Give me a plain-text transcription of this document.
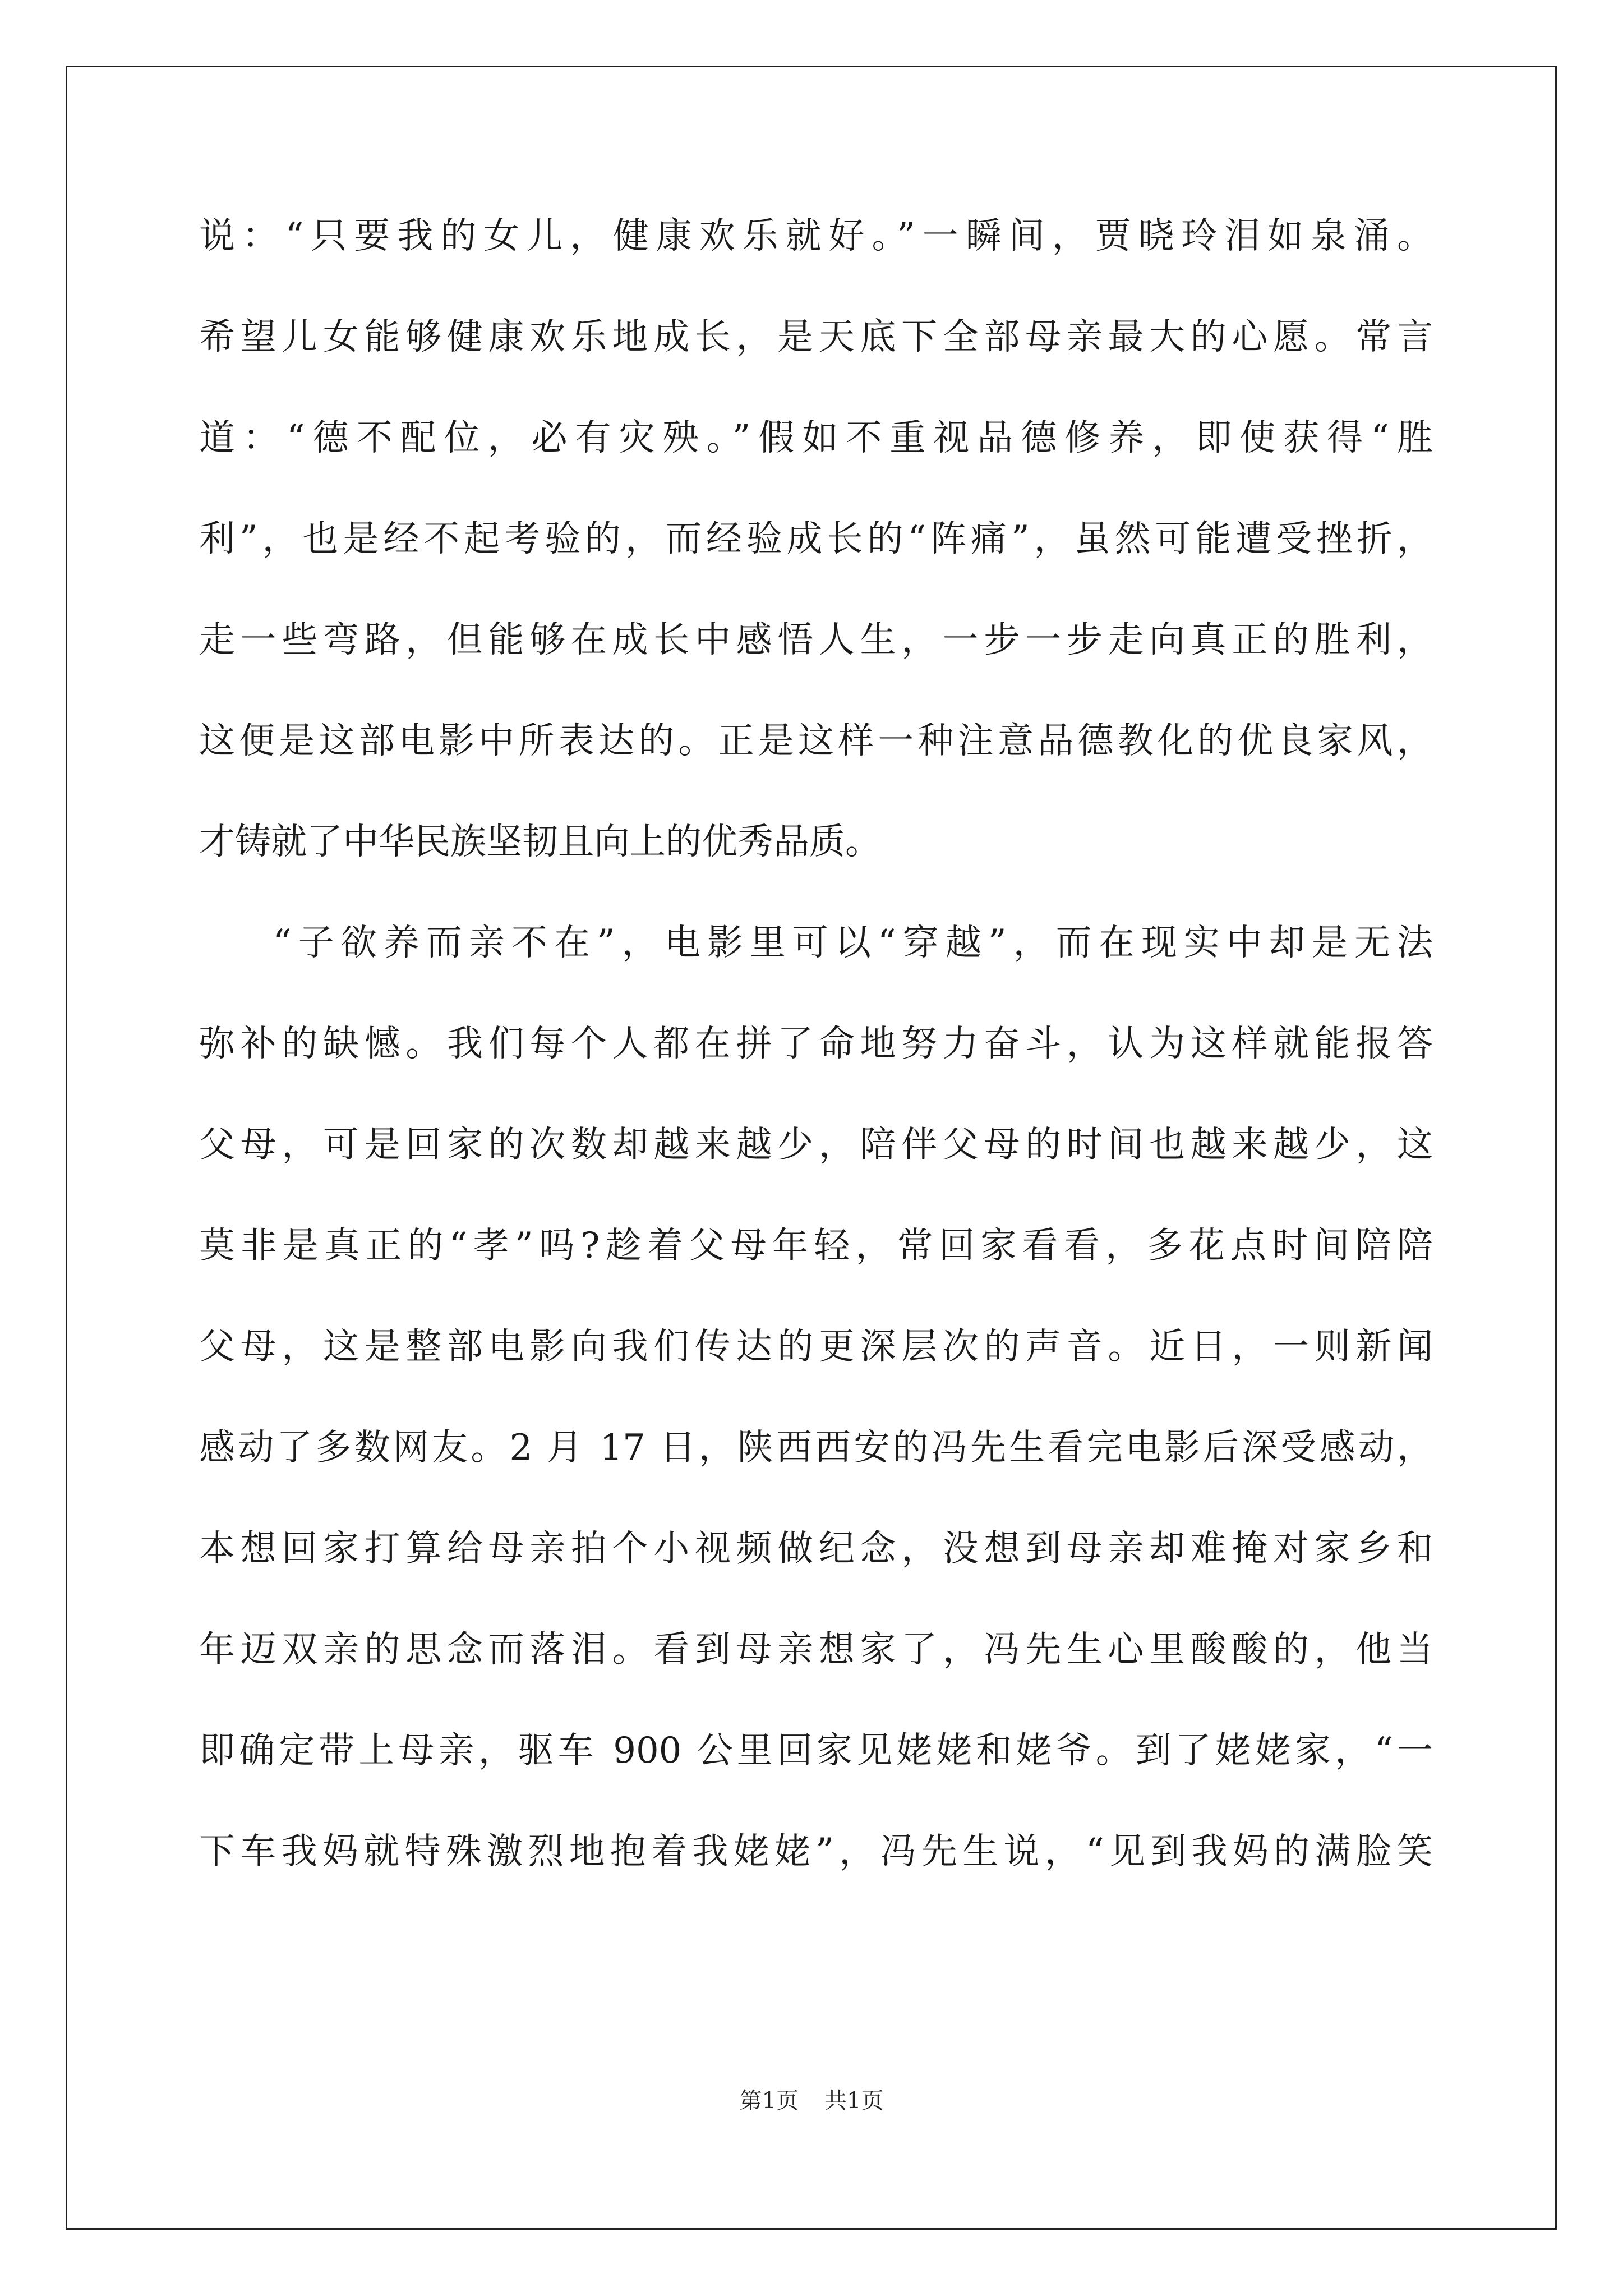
说：“只要我的女儿，健康欢乐就好。”一瞬间，贾晓玲泪如泉涌。
希望儿女能够健康欢乐地成长，是天底下全部母亲最大的心愿。常言
道：“德不配位，必有灾殃。”假如不重视品德修养，即使获得“胜
利”，也是经不起考验的，而经验成长的“阵痛”，虽然可能遭受挫折，
走一些弯路，但能够在成长中感悟人生，一步一步走向真正的胜利，
这便是这部电影中所表达的。正是这样一种注意品德教化的优良家风，
才铸就了中华民族坚韧且向上的优秀品质。
“子欲养而亲不在”，电影里可以“穿越”，而在现实中却是无法
弥补的缺憾。我们每个人都在拼了命地努力奋斗，认为这样就能报答
父母，可是回家的次数却越来越少，陪伴父母的时间也越来越少，这
莫非是真正的“孝”吗?趁着父母年轻，常回家看看，多花点时间陪陪
父母，这是整部电影向我们传达的更深层次的声音。近日，一则新闻
感动了多数网友。2 月 17 日，陕西西安的冯先生看完电影后深受感动，
本想回家打算给母亲拍个小视频做纪念，没想到母亲却难掩对家乡和
年迈双亲的思念而落泪。看到母亲想家了，冯先生心里酸酸的，他当
即确定带上母亲，驱车 900 公里回家见姥姥和姥爷。到了姥姥家，“一
下车我妈就特殊激烈地抱着我姥姥”，冯先生说，“见到我妈的满脸笑
第1页 共1页
